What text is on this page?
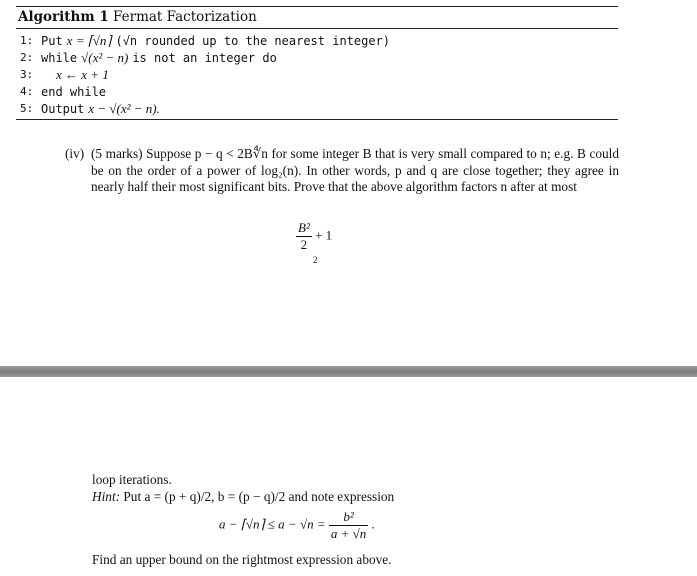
Algorithm 1 Fermat Factorization
1: Put x = ⌈√n⌉ (√n rounded up to the nearest integer)
2: while √(x² − n) is not an integer do
3: x ← x + 1
4: end while
5: Output x − √(x² − n).
(iv) (5 marks) Suppose p − q < 2B∜n for some integer B that is very small compared to n; e.g. B could be on the order of a power of log₂(n). In other words, p and q are close together; they agree in nearly half their most significant bits. Prove that the above algorithm factors n after at most
$\frac{\text{B²}}{2} + 1$
2
loop iterations.
Hint: Put a = (p + q)/2, b = (p − q)/2 and note expression
a − ⌈√n⌉ ≤ $a - √n = \frac{\text{b²}}{a + √n}$ .
Find an upper bound on the rightmost expression above.
